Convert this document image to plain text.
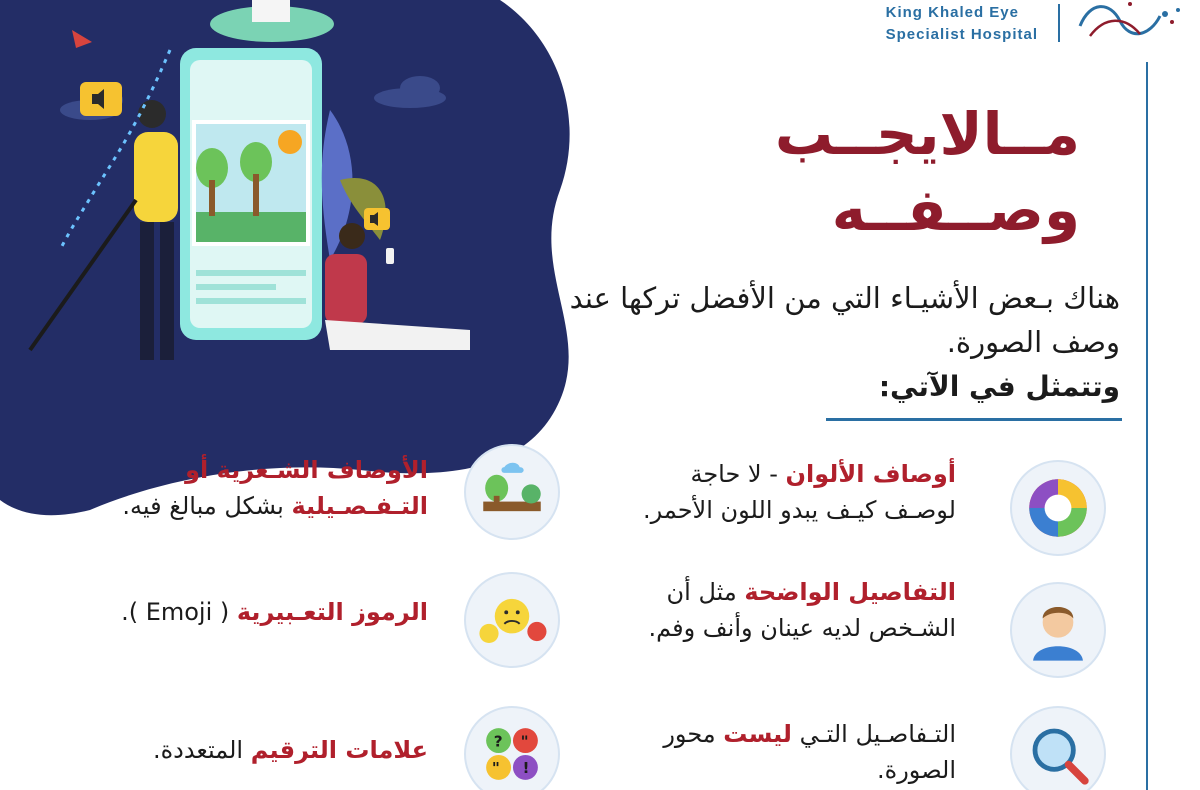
King Khaled Eye
Specialist Hospital
مــالايجــب
وصــفــه
هناك بـعض الأشيـاء التي من الأفضل تركها عند وصف الصورة.
وتتمثل في الآتي:
أوصاف الألوان - لا حاجة لوصـف كيـف يبدو اللون الأحمر.
التفاصيل الواضحة مثل أن الشـخص لديه عينان وأنف وفم.
التـفاصـيل التـي ليست محور الصورة.
الأوصاف الشـعرية أو التـفـصـيلية بشكل مبالغ فيه.
الرموز التعـبيرية ( Emoji ).
? "
" !
علامات الترقيم المتعددة.
